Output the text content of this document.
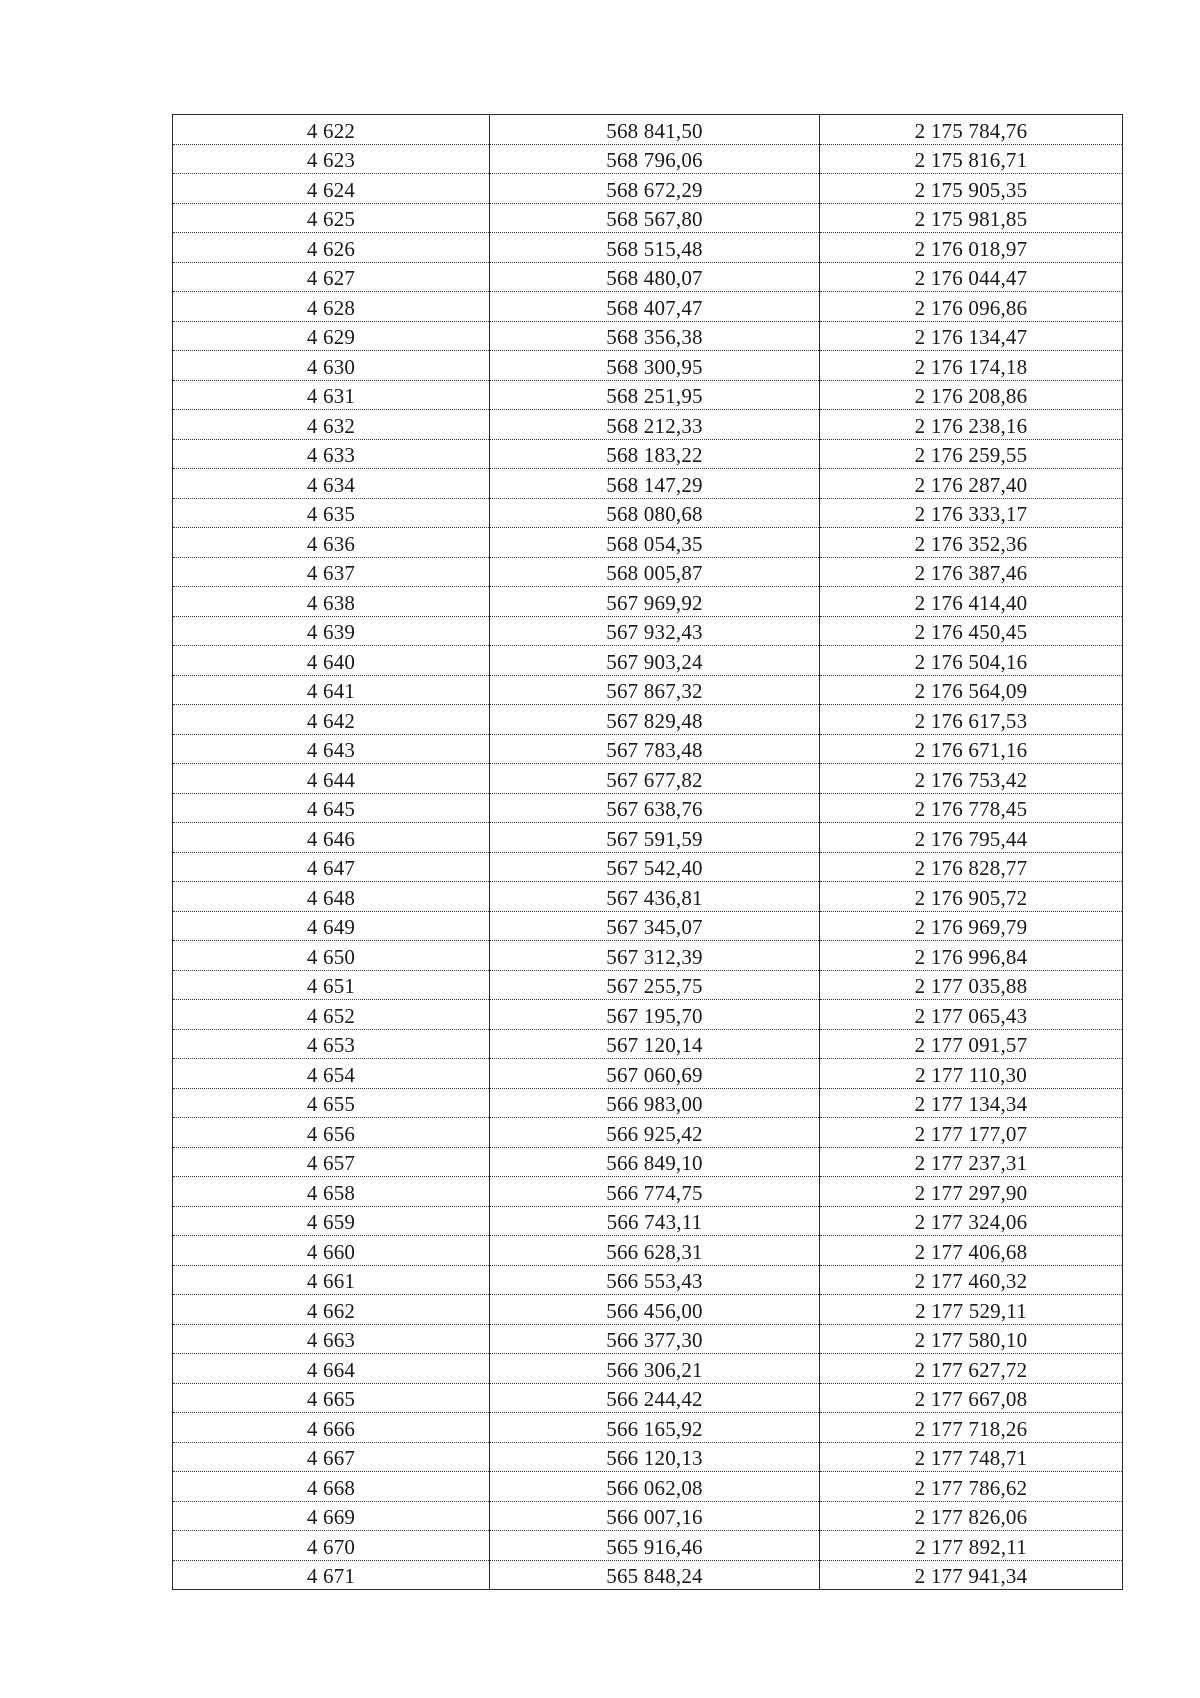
4 622	568 841,50	2 175 784,76
4 623	568 796,06	2 175 816,71
4 624	568 672,29	2 175 905,35
4 625	568 567,80	2 175 981,85
4 626	568 515,48	2 176 018,97
4 627	568 480,07	2 176 044,47
4 628	568 407,47	2 176 096,86
4 629	568 356,38	2 176 134,47
4 630	568 300,95	2 176 174,18
4 631	568 251,95	2 176 208,86
4 632	568 212,33	2 176 238,16
4 633	568 183,22	2 176 259,55
4 634	568 147,29	2 176 287,40
4 635	568 080,68	2 176 333,17
4 636	568 054,35	2 176 352,36
4 637	568 005,87	2 176 387,46
4 638	567 969,92	2 176 414,40
4 639	567 932,43	2 176 450,45
4 640	567 903,24	2 176 504,16
4 641	567 867,32	2 176 564,09
4 642	567 829,48	2 176 617,53
4 643	567 783,48	2 176 671,16
4 644	567 677,82	2 176 753,42
4 645	567 638,76	2 176 778,45
4 646	567 591,59	2 176 795,44
4 647	567 542,40	2 176 828,77
4 648	567 436,81	2 176 905,72
4 649	567 345,07	2 176 969,79
4 650	567 312,39	2 176 996,84
4 651	567 255,75	2 177 035,88
4 652	567 195,70	2 177 065,43
4 653	567 120,14	2 177 091,57
4 654	567 060,69	2 177 110,30
4 655	566 983,00	2 177 134,34
4 656	566 925,42	2 177 177,07
4 657	566 849,10	2 177 237,31
4 658	566 774,75	2 177 297,90
4 659	566 743,11	2 177 324,06
4 660	566 628,31	2 177 406,68
4 661	566 553,43	2 177 460,32
4 662	566 456,00	2 177 529,11
4 663	566 377,30	2 177 580,10
4 664	566 306,21	2 177 627,72
4 665	566 244,42	2 177 667,08
4 666	566 165,92	2 177 718,26
4 667	566 120,13	2 177 748,71
4 668	566 062,08	2 177 786,62
4 669	566 007,16	2 177 826,06
4 670	565 916,46	2 177 892,11
4 671	565 848,24	2 177 941,34
